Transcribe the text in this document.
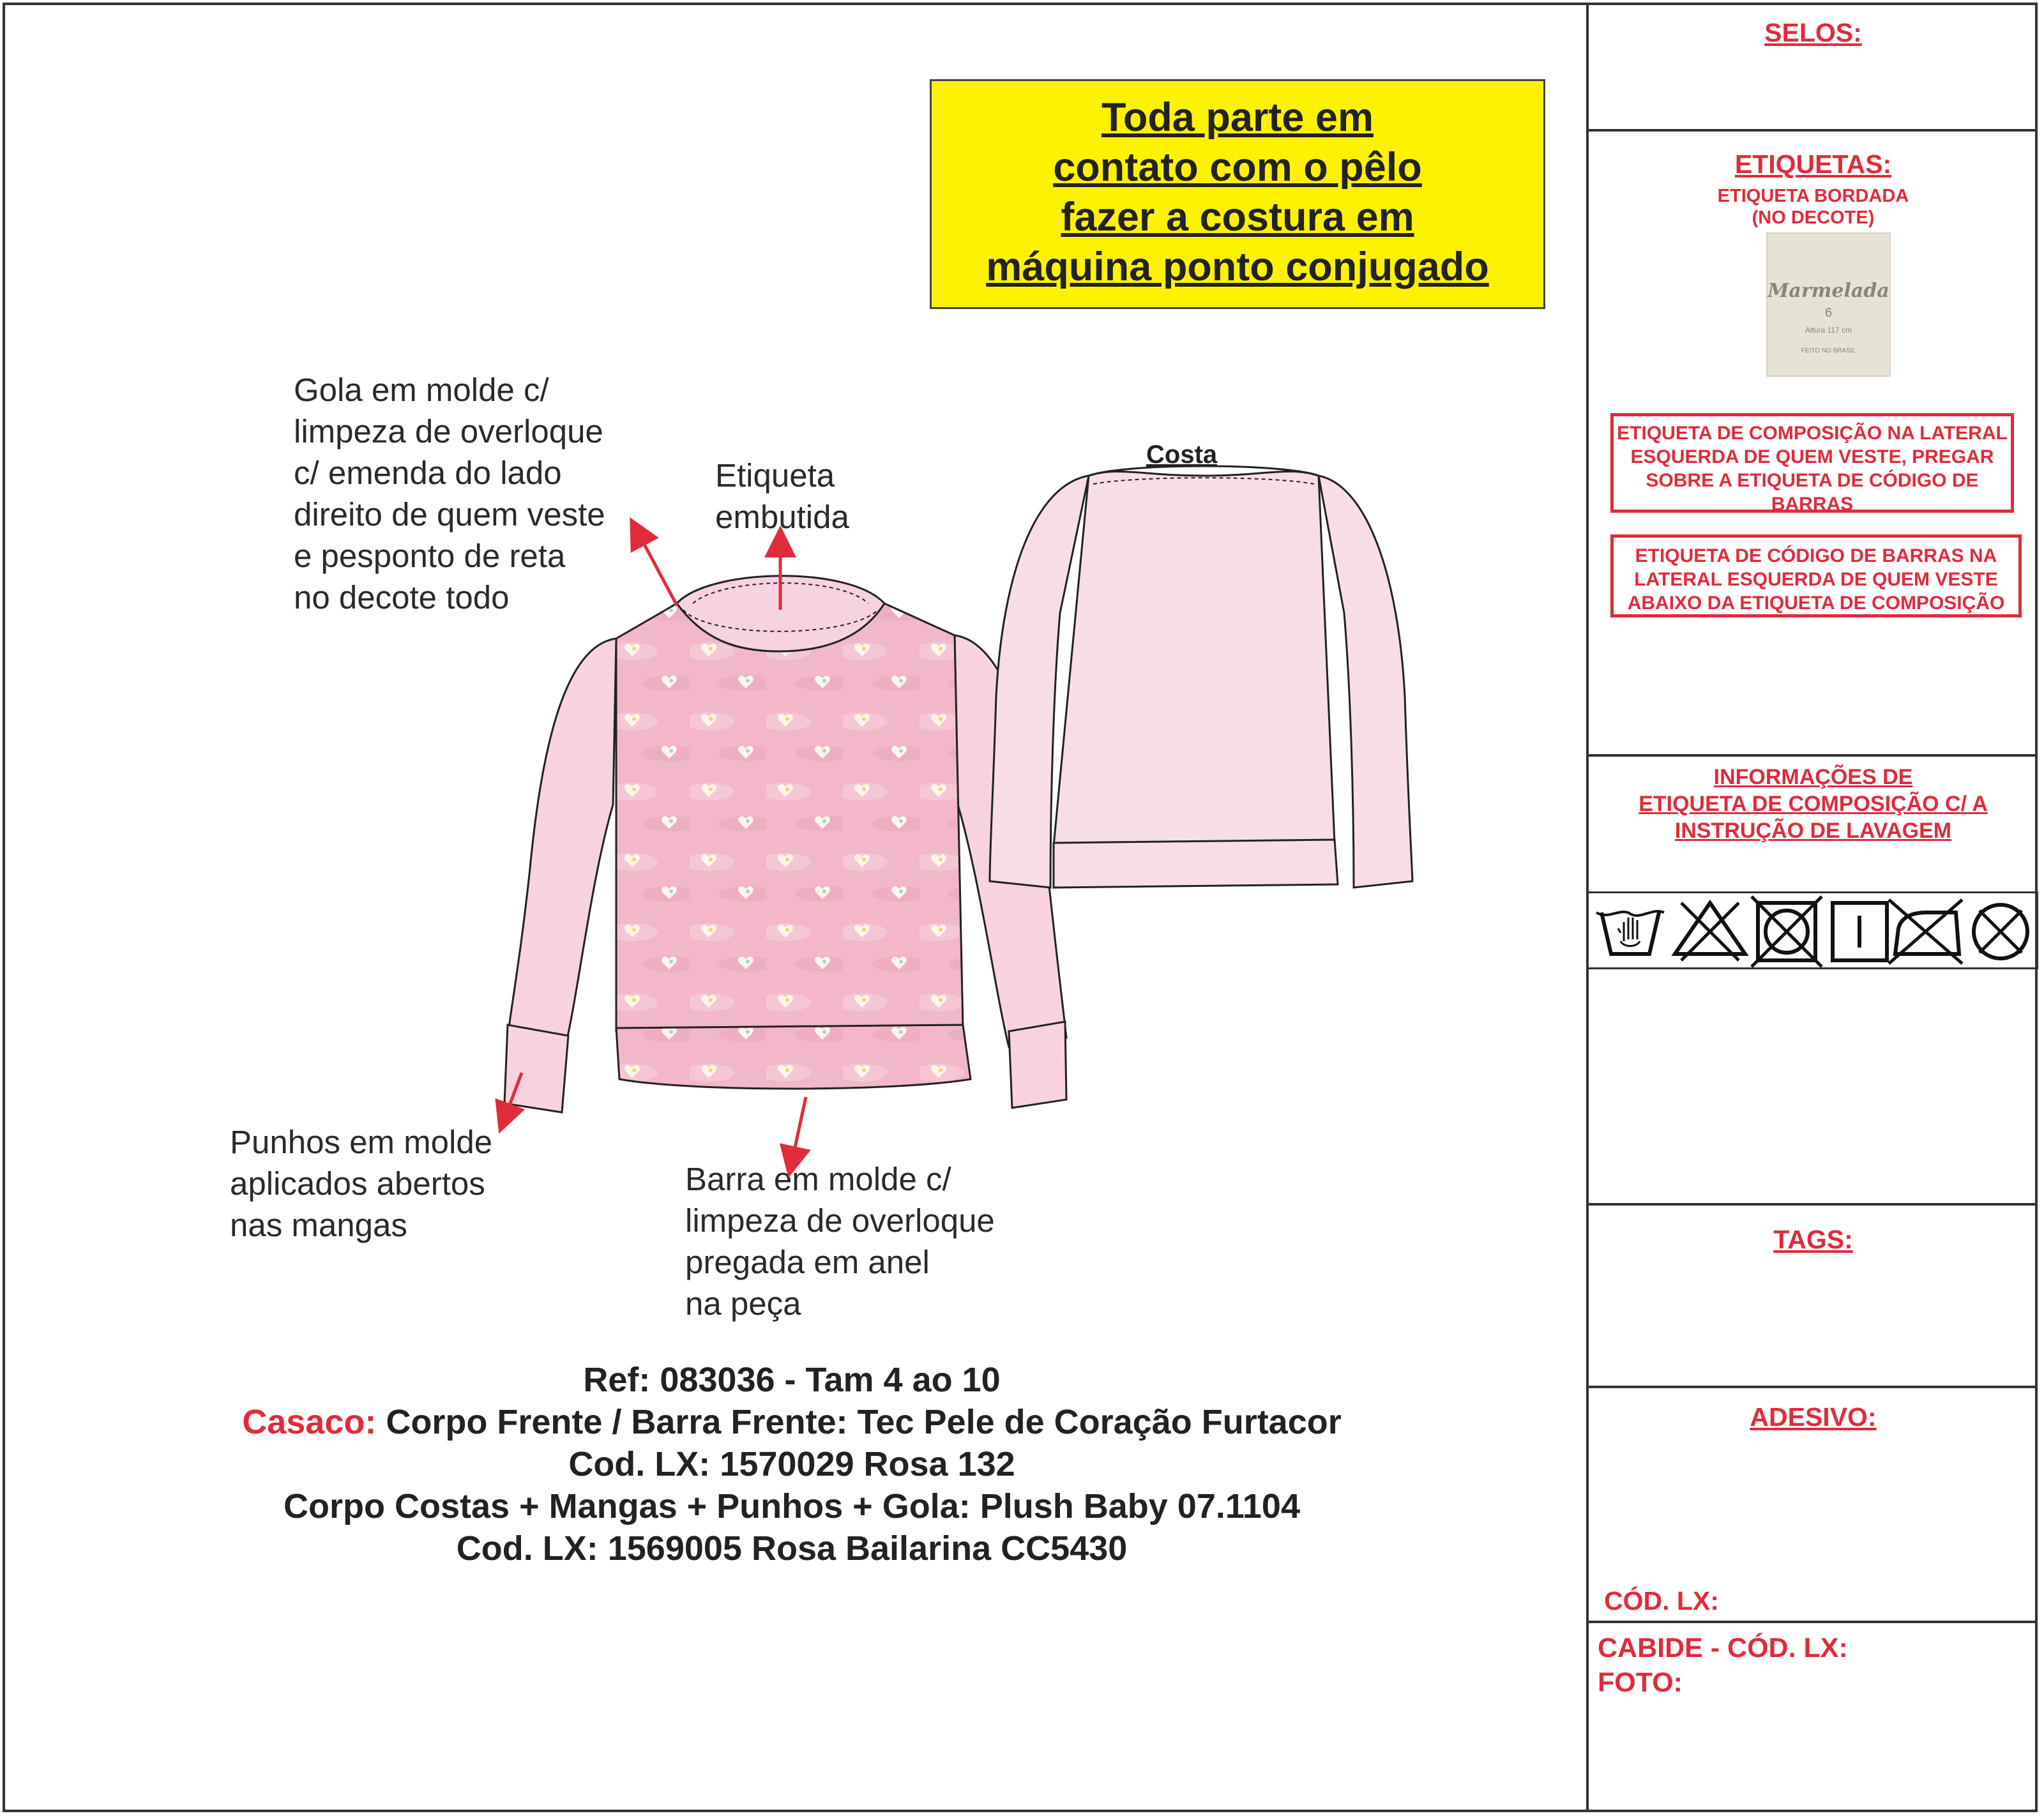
Toda parte em
contato com o pêlo
fazer a costura em
máquina ponto conjugado
Gola em molde c/
limpeza de overloque
c/ emenda do lado
direito de quem veste
e pesponto de reta
no decote todo
Etiqueta
embutida
Punhos em molde
aplicados abertos
nas mangas
Barra em molde c/
limpeza de overloque
pregada em anel
na peça
Costa
Ref: 083036 - Tam 4 ao 10
Casaco: Corpo Frente / Barra Frente: Tec Pele de Coração Furtacor
Cod. LX: 1570029 Rosa 132
Corpo Costas + Mangas + Punhos + Gola: Plush Baby 07.1104
Cod. LX: 1569005 Rosa Bailarina CC5430
SELOS:
ETIQUETAS:
ETIQUETA BORDADA
(NO DECOTE)
Marmelada
6
Altura 117 cm
FEITO NO BRASIL
ETIQUETA DE COMPOSIÇÃO NA LATERAL ESQUERDA DE QUEM VESTE, PREGAR SOBRE A ETIQUETA DE CÓDIGO DE BARRAS
ETIQUETA DE CÓDIGO DE BARRAS NA LATERAL ESQUERDA DE QUEM VESTE ABAIXO DA ETIQUETA DE COMPOSIÇÃO
INFORMAÇÕES DE
ETIQUETA DE COMPOSIÇÃO C/ A
INSTRUÇÃO DE LAVAGEM
TAGS:
ADESIVO:
CÓD. LX:
CABIDE - CÓD. LX:
FOTO:
